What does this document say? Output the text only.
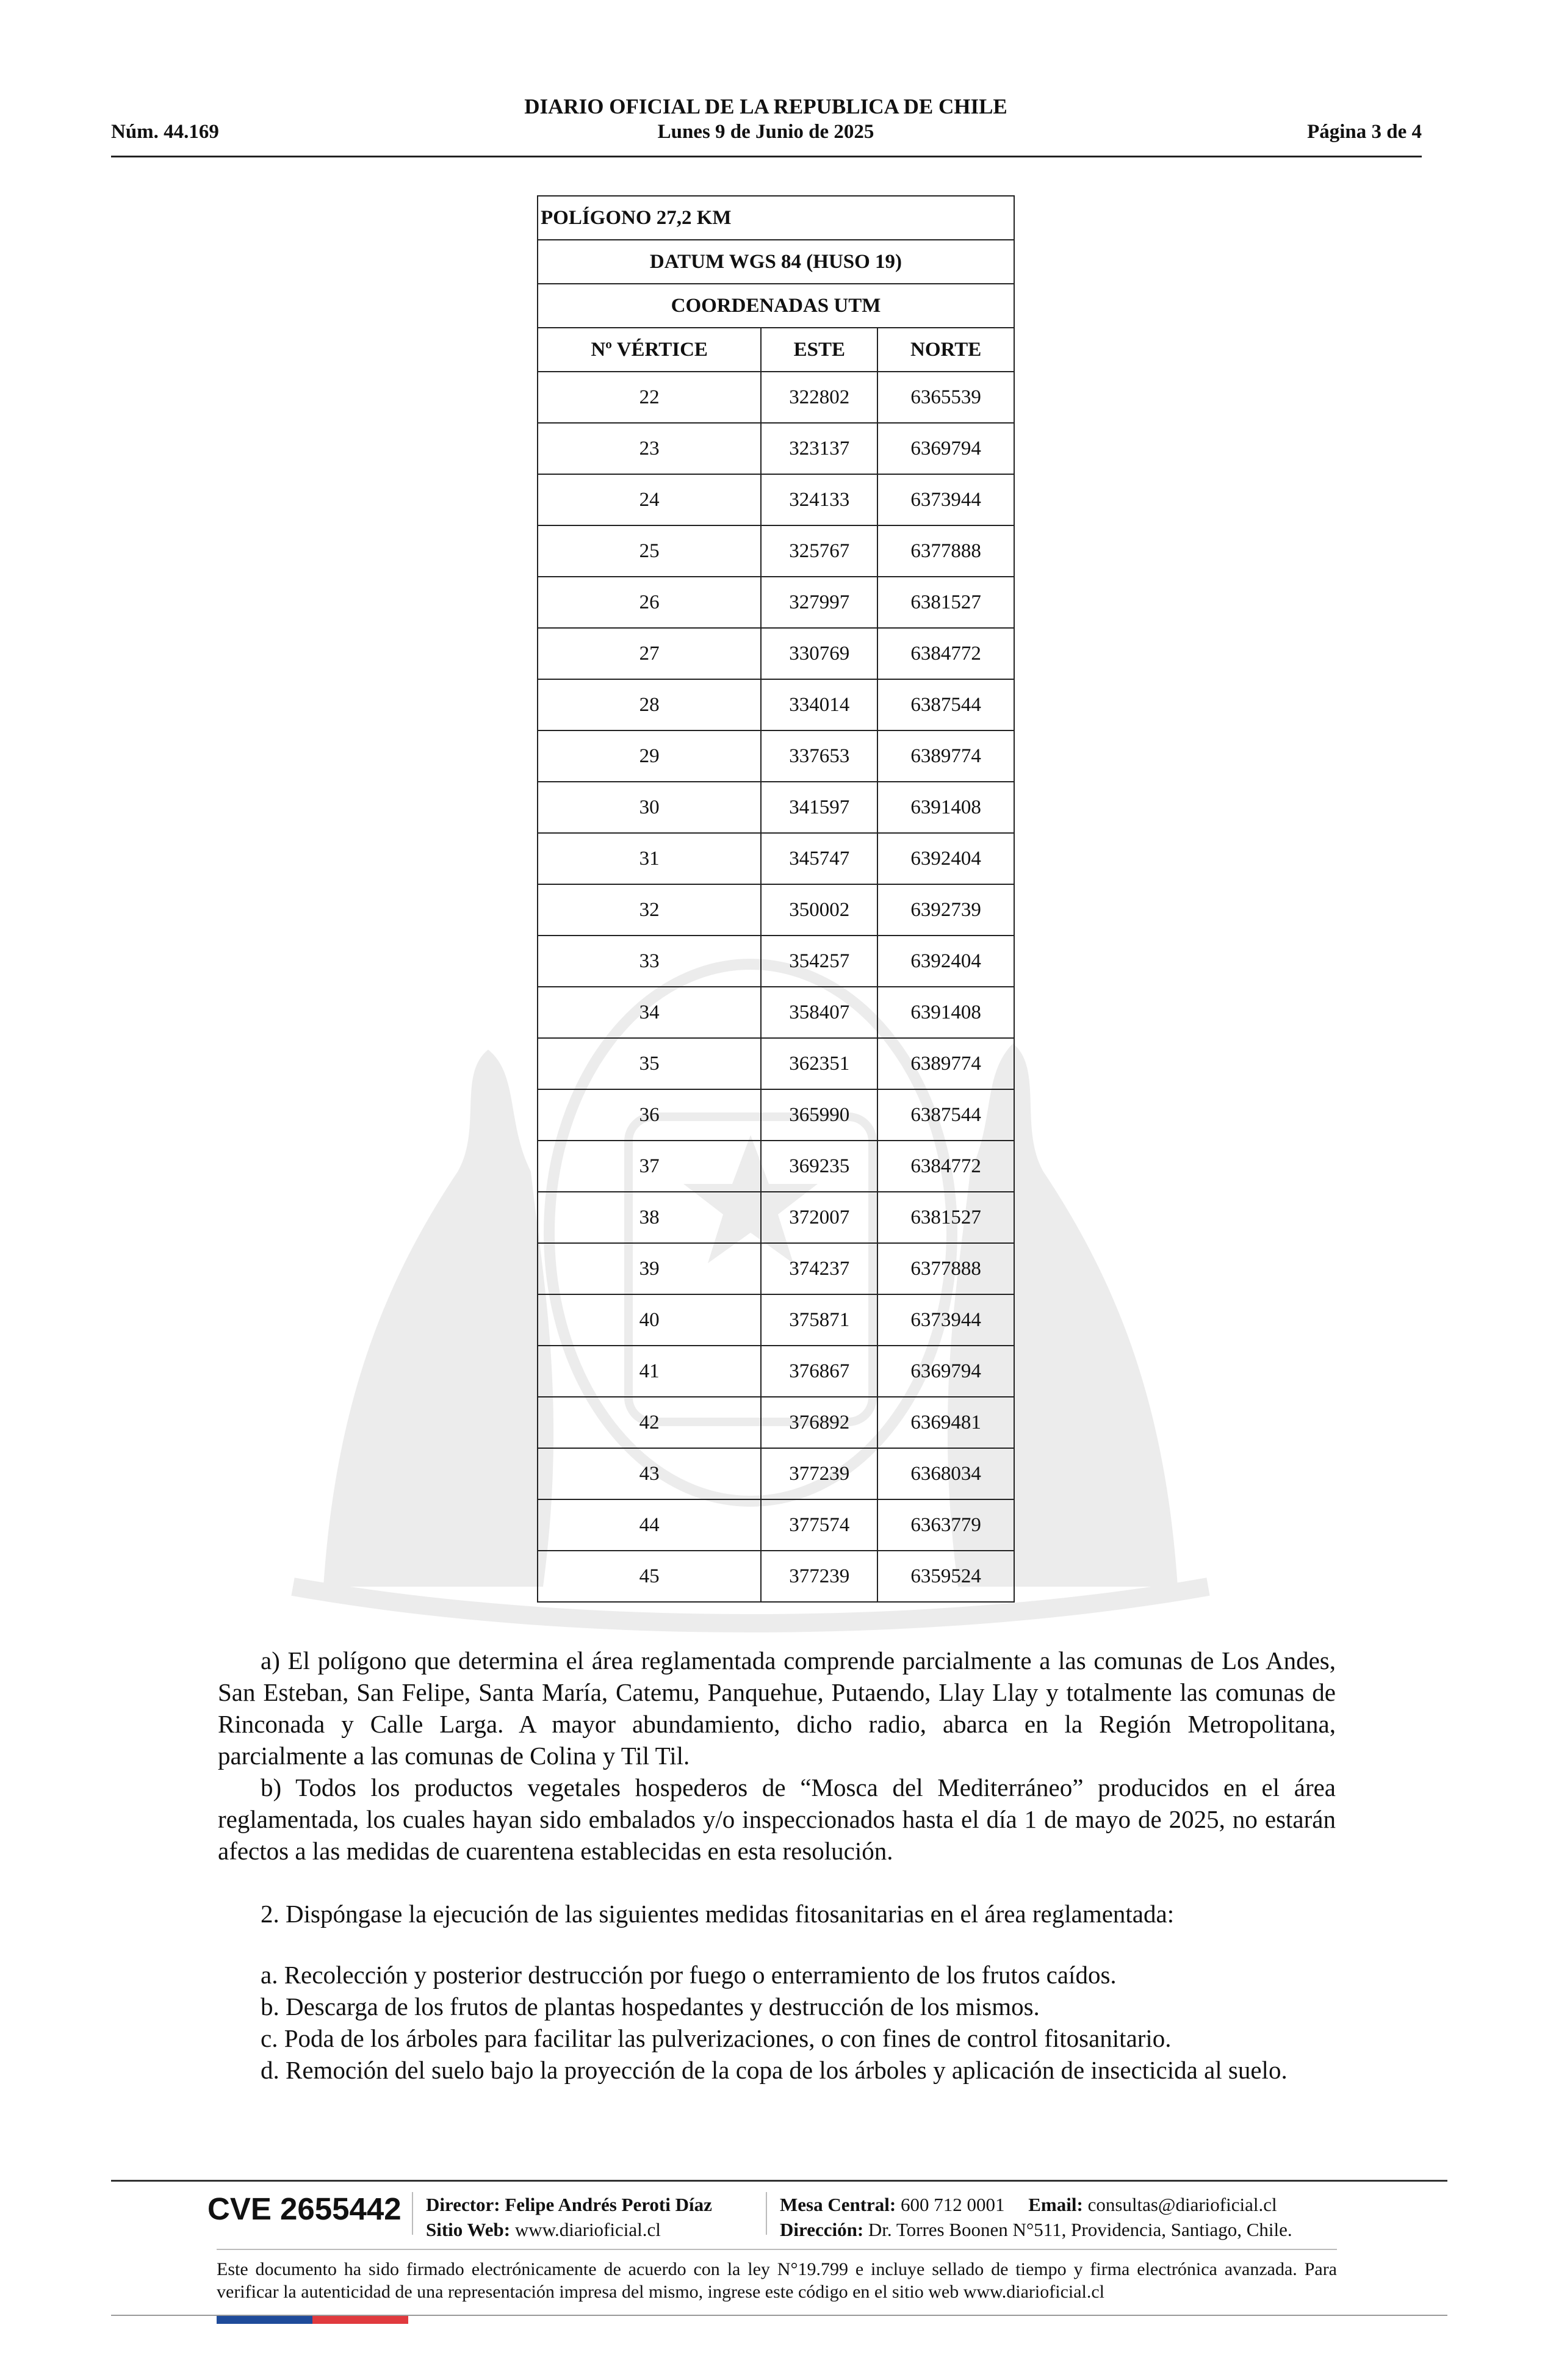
DIARIO OFICIAL DE LA REPUBLICA DE CHILE
Núm. 44.169	Lunes 9 de Junio de 2025	Página 3 de 4
POLÍGONO 27,2 KM		
DATUM WGS 84 (HUSO 19)		
COORDENADAS UTM		
Nº VÉRTICE	ESTE	NORTE
22	322802	6365539
23	323137	6369794
24	324133	6373944
25	325767	6377888
26	327997	6381527
27	330769	6384772
28	334014	6387544
29	337653	6389774
30	341597	6391408
31	345747	6392404
32	350002	6392739
33	354257	6392404
34	358407	6391408
35	362351	6389774
36	365990	6387544
37	369235	6384772
38	372007	6381527
39	374237	6377888
40	375871	6373944
41	376867	6369794
42	376892	6369481
43	377239	6368034
44	377574	6363779
45	377239	6359524
a) El polígono que determina el área reglamentada comprende parcialmente a las comunas de Los Andes, San Esteban, San Felipe, Santa María, Catemu, Panquehue, Putaendo, Llay Llay y totalmente las comunas de Rinconada y Calle Larga. A mayor abundamiento, dicho radio, abarca en la Región Metropolitana, parcialmente a las comunas de Colina y Til Til.
b) Todos los productos vegetales hospederos de “Mosca del Mediterráneo” producidos en el área reglamentada, los cuales hayan sido embalados y/o inspeccionados hasta el día 1 de mayo de 2025, no estarán afectos a las medidas de cuarentena establecidas en esta resolución.
2. Dispóngase la ejecución de las siguientes medidas fitosanitarias en el área reglamentada:
a. Recolección y posterior destrucción por fuego o enterramiento de los frutos caídos.
b. Descarga de los frutos de plantas hospedantes y destrucción de los mismos.
c. Poda de los árboles para facilitar las pulverizaciones, o con fines de control fitosanitario.
d. Remoción del suelo bajo la proyección de la copa de los árboles y aplicación de insecticida al suelo.
CVE 2655442 Director: Felipe Andrés Peroti Díaz
Sitio Web: www.diarioficial.cl
Mesa Central: 600 712 0001 Email: consultas@diarioficial.cl
Dirección: Dr. Torres Boonen N°511, Providencia, Santiago, Chile.
Este documento ha sido firmado electrónicamente de acuerdo con la ley N°19.799 e incluye sellado de tiempo y firma electrónica avanzada. Para verificar la autenticidad de una representación impresa del mismo, ingrese este código en el sitio web www.diarioficial.cl
